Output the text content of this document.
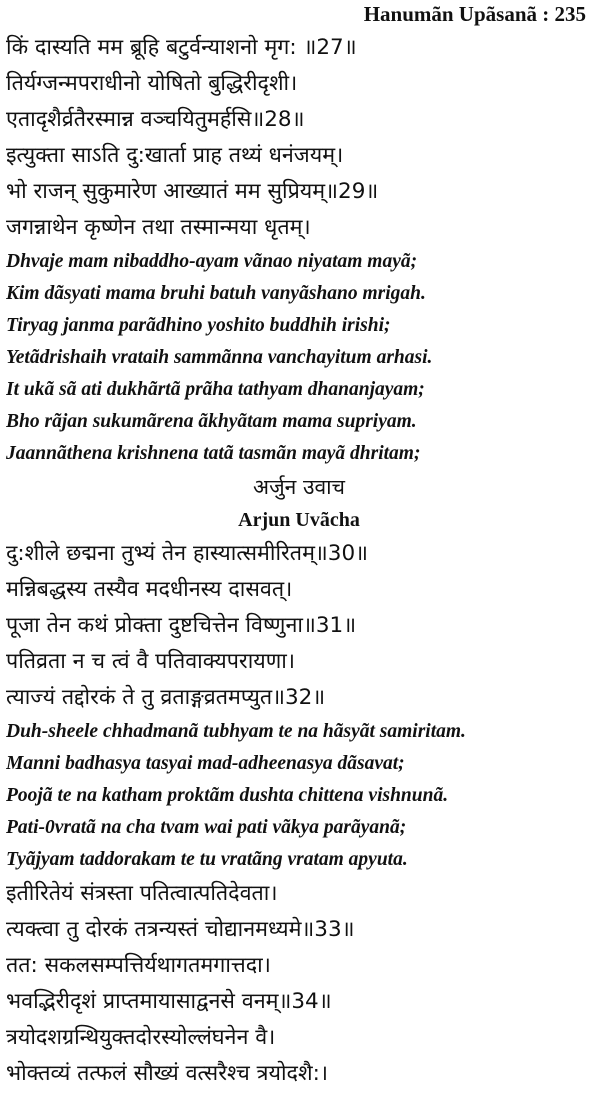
Hanumãn Upãsanã : 235
किं दास्यति मम ब्रूहि बटुर्वन्याशनो मृग: ॥27॥
तिर्यग्जन्मपराधीनो योषितो बुद्धिरीदृशी।
एतादृशैर्व्रतैरस्मान्न वञ्चयितुमर्हसि॥28॥
इत्युक्ता साऽति दु:खार्ता प्राह तथ्यं धनंजयम्।
भो राजन् सुकुमारेण आख्यातं मम सुप्रियम्॥29॥
जगन्नाथेन कृष्णेन तथा तस्मान्मया धृतम्।
Dhvaje mam nibaddho-ayam vãnao niyatam mayã;
Kim dãsyati mama bruhi batuh vanyãshano mrigah.
Tiryag janma parãdhino yoshito buddhih irishi;
Yetãdrishaih vrataih sammãnna vanchayitum arhasi.
It ukã sã ati dukhãrtã prãha tathyam dhananjayam;
Bho rãjan sukumãrena ãkhyãtam mama supriyam.
Jaannãthena krishnena tatã tasmãn mayã dhritam;
अर्जुन उवाच
Arjun Uvãcha
दु:शीले छद्मना तुभ्यं तेन हास्यात्समीरितम्॥30॥
मन्निबद्धस्य तस्यैव मदधीनस्य दासवत्।
पूजा तेन कथं प्रोक्ता दुष्टचित्तेन विष्णुना॥31॥
पतिव्रता न च त्वं वै पतिवाक्यपरायणा।
त्याज्यं तद्दोरकं ते तु व्रताङ्गव्रतमप्युत॥32॥
Duh-sheele chhadmanã tubhyam te na hãsyãt samiritam.
Manni badhasya tasyai mad-adheenasya dãsavat;
Poojã te na katham proktãm dushta chittena vishnunã.
Pati-0vratã na cha tvam wai pati vãkya parãyanã;
Tyãjyam taddorakam te tu vratãng vratam apyuta.
इतीरितेयं संत्रस्ता पतित्वात्पतिदेवता।
त्यक्त्वा तु दोरकं तत्रन्यस्तं चोद्यानमध्यमे॥33॥
तत: सकलसम्पत्तिर्यथागतमगात्तदा।
भवद्भिरीदृशं प्राप्तमायासाद्वनसे वनम्॥34॥
त्रयोदशग्रन्थियुक्तदोरस्योल्लंघनेन वै।
भोक्तव्यं तत्फलं सौख्यं वत्सरैश्च त्रयोदशै:।
